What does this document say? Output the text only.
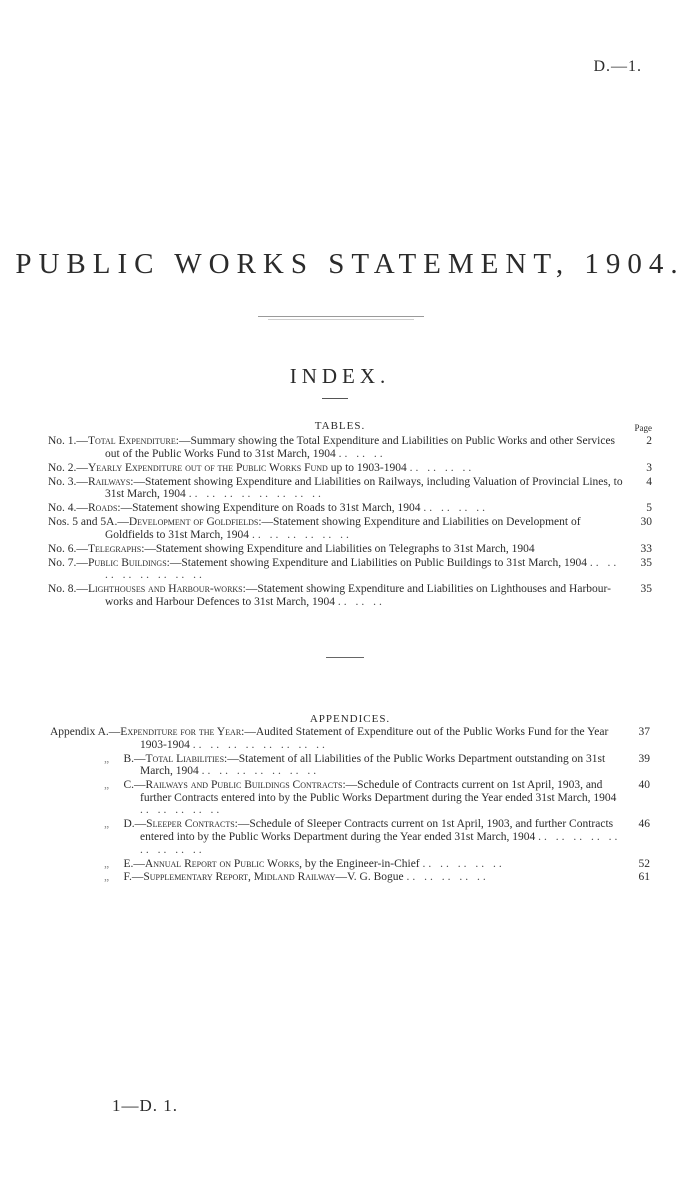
D.—1.
PUBLIC WORKS STATEMENT, 1904.
INDEX.
TABLES.	Page
No. 1.—Total Expenditure:—Summary showing the Total Expenditure and Liabilities on Public Works and other Services out of the Public Works Fund to 31st March, 1904 .. .. ..
2
No. 2.—Yearly Expenditure out of the Public Works Fund up to 1903-1904 .. .. .. ..	3
No. 3.—Railways:—Statement showing Expenditure and Liabilities on Railways, including Valuation of Provincial Lines, to 31st March, 1904 .. .. .. .. .. .. .. ..
4
No. 4.—Roads:—Statement showing Expenditure on Roads to 31st March, 1904 .. .. .. ..	5
Nos. 5 and 5A.—Development of Goldfields:—Statement showing Expenditure and Liabilities on Development of Goldfields to 31st March, 1904 .. .. .. .. .. ..
30
No. 6.—Telegraphs:—Statement showing Expenditure and Liabilities on Telegraphs to 31st March, 1904	33
No. 7.—Public Buildings:—Statement showing Expenditure and Liabilities on Public Buildings to 31st March, 1904 .. .. .. .. .. .. .. ..
35
No. 8.—Lighthouses and Harbour-works:—Statement showing Expenditure and Liabilities on Lighthouses and Harbour-works and Harbour Defences to 31st March, 1904 .. .. ..
35
APPENDICES.
Appendix A.—Expenditure for the Year:—Audited Statement of Expenditure out of the Public Works Fund for the Year 1903-1904 .. .. .. .. .. .. .. ..
37
„ B.—Total Liabilities:—Statement of all Liabilities of the Public Works Department outstanding on 31st March, 1904 .. .. .. .. .. .. ..
39
„ C.—Railways and Public Buildings Contracts:—Schedule of Contracts current on 1st April, 1903, and further Contracts entered into by the Public Works Department during the Year ended 31st March, 1904 .. .. .. .. ..
40
„ D.—Sleeper Contracts:—Schedule of Sleeper Contracts current on 1st April, 1903, and further Contracts entered into by the Public Works Department during the Year ended 31st March, 1904 .. .. .. .. .. .. .. .. ..
46
„ E.—Annual Report on Public Works, by the Engineer-in-Chief .. .. .. .. ..	52
„ F.—Supplementary Report, Midland Railway—V. G. Bogue .. .. .. .. ..	61
1—D. 1.
